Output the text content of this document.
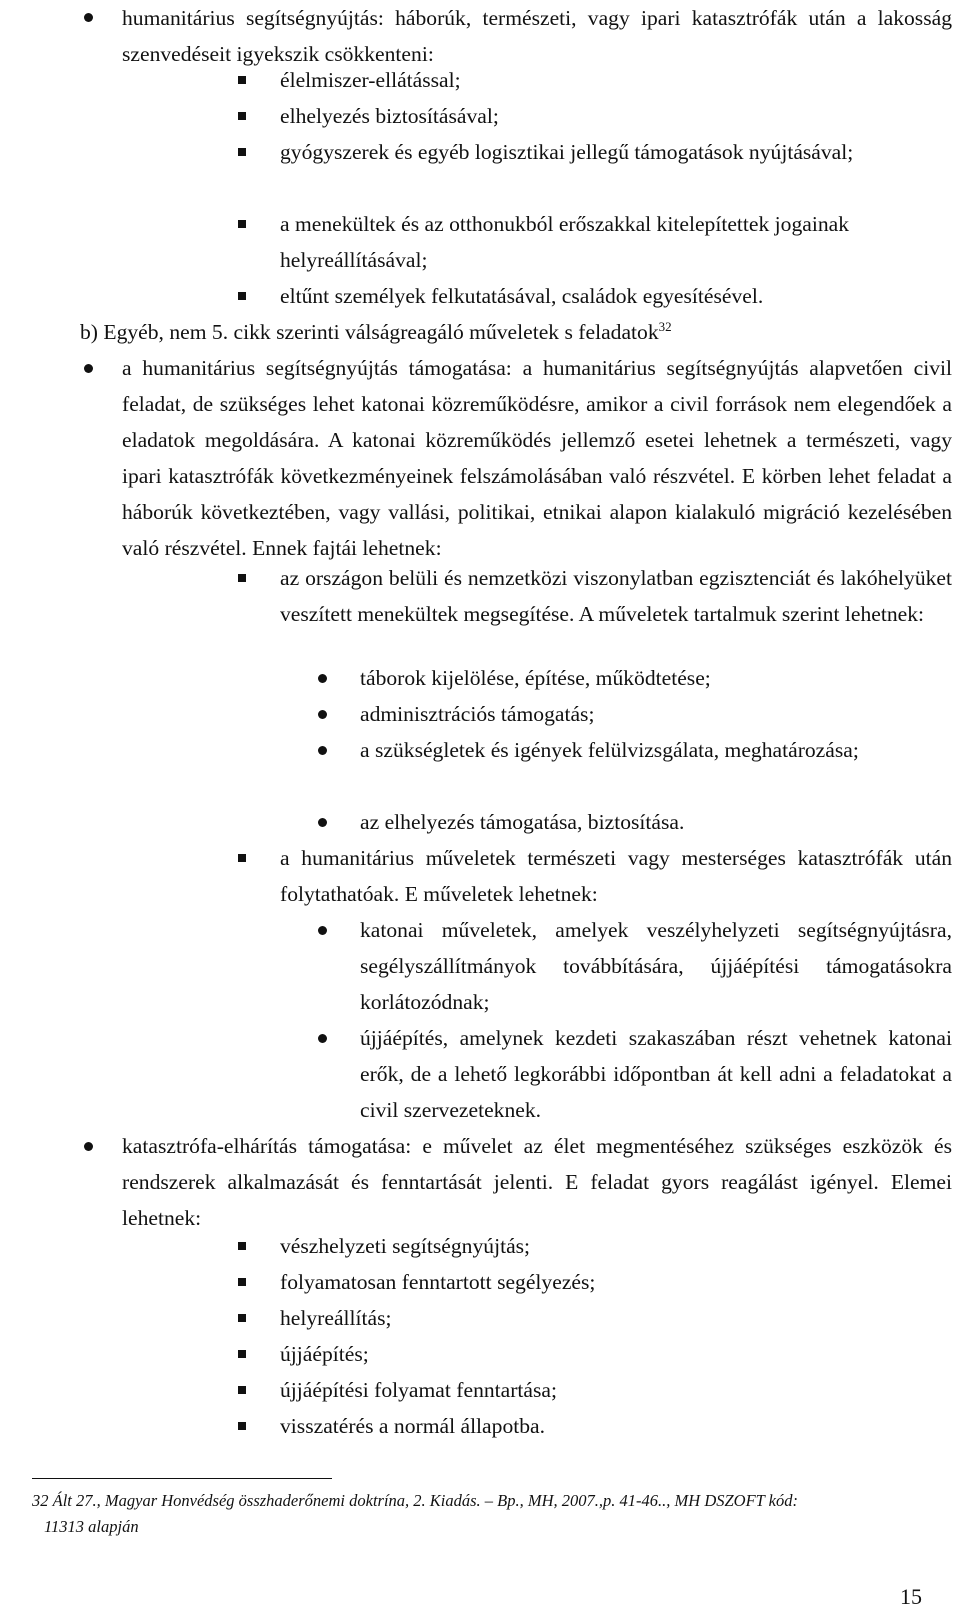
humanitárius segítségnyújtás: háborúk, természeti, vagy ipari katasztrófák után a lakosság szenvedéseit igyekszik csökkenteni:
élelmiszer-ellátással;
elhelyezés biztosításával;
gyógyszerek és egyéb logisztikai jellegű támogatások nyújtásával;
a menekültek és az otthonukból erőszakkal kitelepítettek jogainak helyreállításával;
eltűnt személyek felkutatásával, családok egyesítésével.
b) Egyéb, nem 5. cikk szerinti válságreagáló műveletek s feladatok$^{32}$
a humanitárius segítségnyújtás támogatása: a humanitárius segítségnyújtás alapvetően civil feladat, de szükséges lehet katonai közreműködésre, amikor a civil források nem elegendőek a eladatok megoldására. A katonai közreműködés jellemző esetei lehetnek a természeti, vagy ipari katasztrófák következményeinek felszámolásában való részvétel. E körben lehet feladat a háborúk következtében, vagy vallási, politikai, etnikai alapon kialakuló migráció kezelésében való részvétel. Ennek fajtái lehetnek:
az országon belüli és nemzetközi viszonylatban egzisztenciát és lakóhelyüket veszített menekültek megsegítése. A műveletek tartalmuk szerint lehetnek:
táborok kijelölése, építése, működtetése;
adminisztrációs támogatás;
a szükségletek és igények felülvizsgálata, meghatározása;
az elhelyezés támogatása, biztosítása.
a humanitárius műveletek természeti vagy mesterséges katasztrófák után folytathatóak. E műveletek lehetnek:
katonai műveletek, amelyek veszélyhelyzeti segítségnyújtásra, segélyszállítmányok továbbítására, újjáépítési támogatásokra korlátozódnak;
újjáépítés, amelynek kezdeti szakaszában részt vehetnek katonai erők, de a lehető legkorábbi időpontban át kell adni a feladatokat a civil szervezeteknek.
katasztrófa-elhárítás támogatása: e művelet az élet megmentéséhez szükséges eszközök és rendszerek alkalmazását és fenntartását jelenti. E feladat gyors reagálást igényel. Elemei lehetnek:
vészhelyzeti segítségnyújtás;
folyamatosan fenntartott segélyezés;
helyreállítás;
újjáépítés;
újjáépítési folyamat fenntartása;
visszatérés a normál állapotba.
32 Ált 27., Magyar Honvédség összhaderőnemi doktrína, 2. Kiadás. – Bp., MH, 2007.,p. 41-46.., MH DSZOFT kód:
11313 alapján
15
